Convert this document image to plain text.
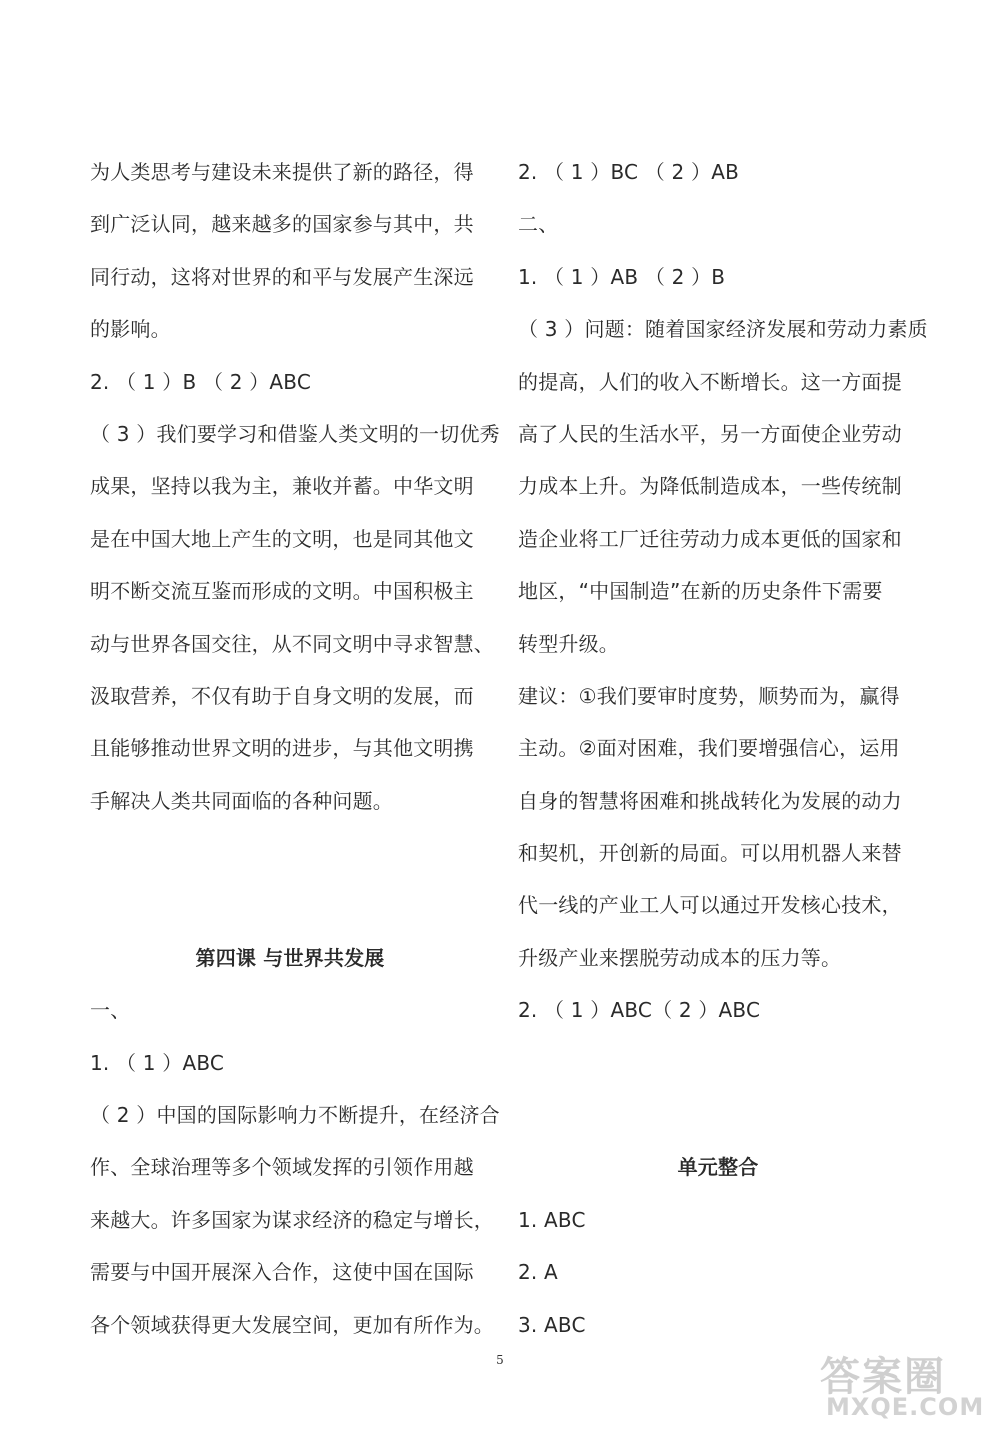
为人类思考与建设未来提供了新的路径，得
到广泛认同，越来越多的国家参与其中，共
同行动，这将对世界的和平与发展产生深远
的影响。
2. （ 1 ）B （ 2 ）ABC
（ 3 ）我们要学习和借鉴人类文明的一切优秀
成果，坚持以我为主，兼收并蓄。中华文明
是在中国大地上产生的文明，也是同其他文
明不断交流互鉴而形成的文明。中国积极主
动与世界各国交往，从不同文明中寻求智慧、
汲取营养，不仅有助于自身文明的发展，而
且能够推动世界文明的进步，与其他文明携
手解决人类共同面临的各种问题。
第四课 与世界共发展
一、
1. （ 1 ）ABC
（ 2 ）中国的国际影响力不断提升，在经济合
作、全球治理等多个领域发挥的引领作用越
来越大。许多国家为谋求经济的稳定与增长，
需要与中国开展深入合作，这使中国在国际
各个领域获得更大发展空间，更加有所作为。
2. （ 1 ）BC （ 2 ）AB
二、
1. （ 1 ）AB （ 2 ）B
（ 3 ）问题：随着国家经济发展和劳动力素质
的提高，人们的收入不断增长。这一方面提
高了人民的生活水平，另一方面使企业劳动
力成本上升。为降低制造成本，一些传统制
造企业将工厂迁往劳动力成本更低的国家和
地区，“中国制造”在新的历史条件下需要
转型升级。
建议：①我们要审时度势，顺势而为，赢得
主动。②面对困难，我们要增强信心，运用
自身的智慧将困难和挑战转化为发展的动力
和契机，开创新的局面。可以用机器人来替
代一线的产业工人可以通过开发核心技术，
升级产业来摆脱劳动成本的压力等。
2. （ 1 ）ABC（ 2 ）ABC
单元整合
1. ABC
2. A
3. ABC
5	答案圈
MXQE.COM
